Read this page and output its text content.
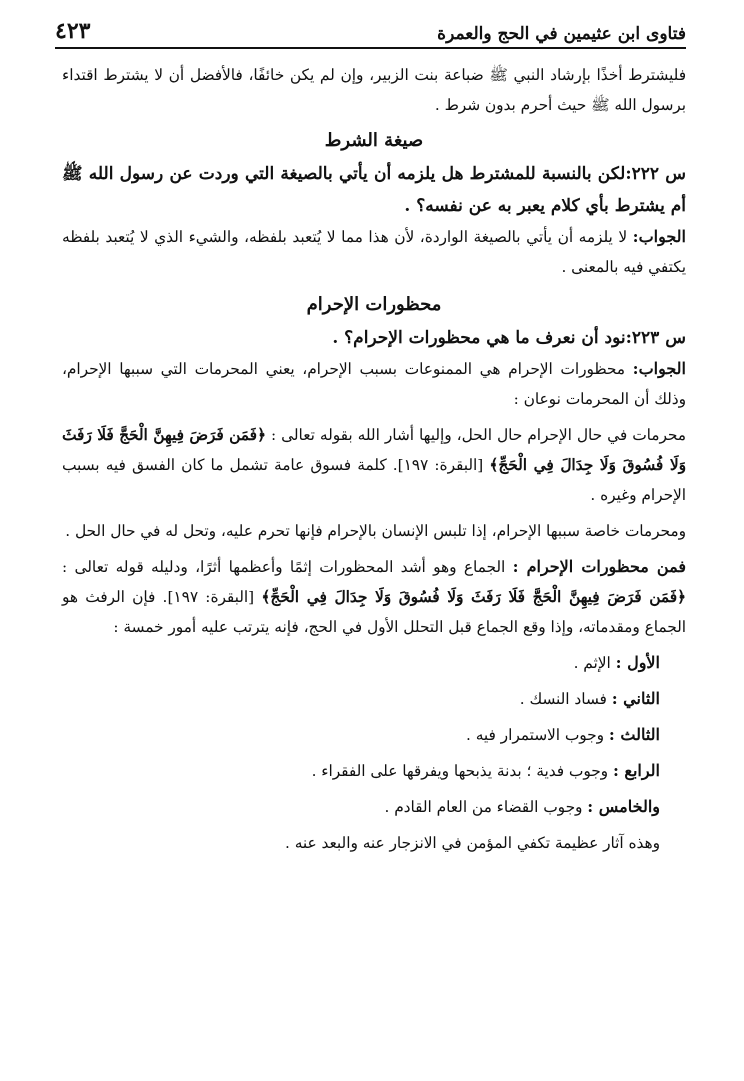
فتاوى ابن عثيمين في الحج والعمرة
٤٢٣

فليشترط أخذًا بإرشاد النبي ﷺ ضباعة بنت الزبير، وإن لم يكن خائفًا، فالأفضل أن لا يشترط اقتداء برسول الله ﷺ حيث أحرم بدون شرط .

صيغة الشرط

س ٢٢٢:لكن بالنسبة للمشترط هل يلزمه أن يأتي بالصيغة التي وردت عن رسول الله ﷺ أم يشترط بأي كلام يعبر به عن نفسه؟ .

الجواب: لا يلزمه أن يأتي بالصيغة الواردة، لأن هذا مما لا يُتعبد بلفظه، والشيء الذي لا يُتعبد بلفظه يكتفي فيه بالمعنى .

محظورات الإحرام

س ٢٢٣:نود أن نعرف ما هي محظورات الإحرام؟ .

الجواب: محظورات الإحرام هي الممنوعات بسبب الإحرام، يعني المحرمات التي سببها الإحرام، وذلك أن المحرمات نوعان :

محرمات في حال الإحرام حال الحل، وإليها أشار الله بقوله تعالى : ﴿فَمَن فَرَضَ فِيهِنَّ الْحَجَّ فَلَا رَفَثَ وَلَا فُسُوقَ وَلَا جِدَالَ فِي الْحَجِّ﴾ [البقرة: ١٩٧]. كلمة فسوق عامة تشمل ما كان الفسق فيه بسبب الإحرام وغيره .

ومحرمات خاصة سببها الإحرام، إذا تلبس الإنسان بالإحرام فإنها تحرم عليه، وتحل له في حال الحل .

فمن محظورات الإحرام : الجماع وهو أشد المحظورات إثمًا وأعظمها أثرًا، ودليله قوله تعالى : ﴿فَمَن فَرَضَ فِيهِنَّ الْحَجَّ فَلَا رَفَثَ وَلَا فُسُوقَ وَلَا جِدَالَ فِي الْحَجِّ﴾ [البقرة: ١٩٧]. فإن الرفث هو الجماع ومقدماته، وإذا وقع الجماع قبل التحلل الأول في الحج، فإنه يترتب عليه أمور خمسة :

الأول : الإثم .

الثاني : فساد النسك .

الثالث : وجوب الاستمرار فيه .

الرابع : وجوب فدية ؛ بدنة يذبحها ويفرقها على الفقراء .

والخامس : وجوب القضاء من العام القادم .

وهذه آثار عظيمة تكفي المؤمن في الانزجار عنه والبعد عنه .
